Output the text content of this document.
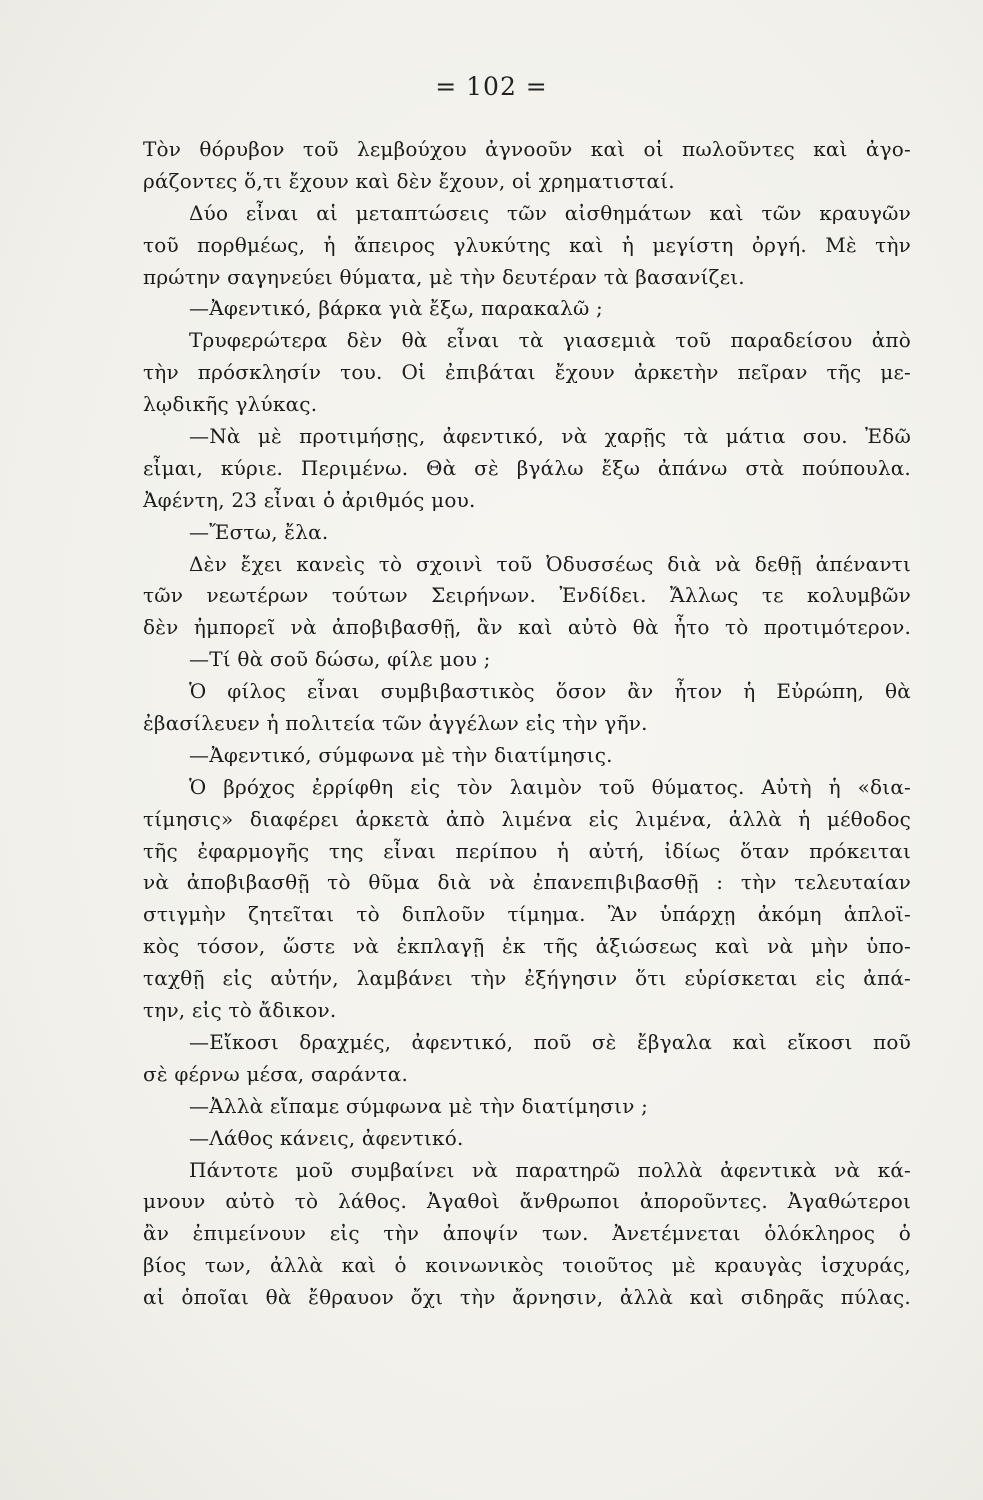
= 102 =
Τὸν θόρυβον τοῦ λεμβούχου ἀγνοοῦν καὶ οἱ πωλοῦντες καὶ ἀγο-
ράζοντες ὅ,τι ἔχουν καὶ δὲν ἔχουν, οἱ χρηματισταί.
Δύο εἶναι αἱ μεταπτώσεις τῶν αἰσθημάτων καὶ τῶν κραυγῶν
τοῦ πορθμέως, ἡ ἄπειρος γλυκύτης καὶ ἡ μεγίστη ὀργή. Μὲ τὴν
πρώτην σαγηνεύει θύματα, μὲ τὴν δευτέραν τὰ βασανίζει.
—Ἀφεντικό, βάρκα γιὰ ἔξω, παρακαλῶ ;
Τρυφερώτερα δὲν θὰ εἶναι τὰ γιασεμιὰ τοῦ παραδείσου ἀπὸ
τὴν πρόσκλησίν του. Οἱ ἐπιβάται ἔχουν ἀρκετὴν πεῖραν τῆς με-
λῳδικῆς γλύκας.
—Νὰ μὲ προτιμήσῃς, ἀφεντικό, νὰ χαρῇς τὰ μάτια σου. Ἐδῶ
εἶμαι, κύριε. Περιμένω. Θὰ σὲ βγάλω ἔξω ἀπάνω στὰ πούπουλα.
Ἀφέντη, 23 εἶναι ὁ ἀριθμός μου.
—Ἔστω, ἔλα.
Δὲν ἔχει κανεὶς τὸ σχοινὶ τοῦ Ὀδυσσέως διὰ νὰ δεθῇ ἀπέναντι
τῶν νεωτέρων τούτων Σειρήνων. Ἐνδίδει. Ἄλλως τε κολυμβῶν
δὲν ἠμπορεῖ νὰ ἀποβιβασθῇ, ἂν καὶ αὐτὸ θὰ ἦτο τὸ προτιμότερον.
—Τί θὰ σοῦ δώσω, φίλε μου ;
Ὁ φίλος εἶναι συμβιβαστικὸς ὅσον ἂν ἦτον ἡ Εὐρώπη, θὰ
ἐβασίλευεν ἡ πολιτεία τῶν ἀγγέλων εἰς τὴν γῆν.
—Ἀφεντικό, σύμφωνα μὲ τὴν διατίμησις.
Ὁ βρόχος ἐρρίφθη εἰς τὸν λαιμὸν τοῦ θύματος. Αὐτὴ ἡ «δια-
τίμησις» διαφέρει ἀρκετὰ ἀπὸ λιμένα εἰς λιμένα, ἀλλὰ ἡ μέθοδος
τῆς ἐφαρμογῆς της εἶναι περίπου ἡ αὐτή, ἰδίως ὅταν πρόκειται
νὰ ἀποβιβασθῇ τὸ θῦμα διὰ νὰ ἐπανεπιβιβασθῇ : τὴν τελευταίαν
στιγμὴν ζητεῖται τὸ διπλοῦν τίμημα. Ἂν ὑπάρχῃ ἀκόμη ἁπλοϊ-
κὸς τόσον, ὥστε νὰ ἐκπλαγῇ ἐκ τῆς ἀξιώσεως καὶ νὰ μὴν ὑπο-
ταχθῇ εἰς αὐτήν, λαμβάνει τὴν ἐξήγησιν ὅτι εὑρίσκεται εἰς ἀπά-
την, εἰς τὸ ἄδικον.
—Εἴκοσι δραχμές, ἀφεντικό, ποῦ σὲ ἔβγαλα καὶ εἴκοσι ποῦ
σὲ φέρνω μέσα, σαράντα.
—Ἀλλὰ εἴπαμε σύμφωνα μὲ τὴν διατίμησιν ;
—Λάθος κάνεις, ἀφεντικό.
Πάντοτε μοῦ συμβαίνει νὰ παρατηρῶ πολλὰ ἀφεντικὰ νὰ κά-
μνουν αὐτὸ τὸ λάθος. Ἀγαθοὶ ἄνθρωποι ἀποροῦντες. Ἀγαθώτεροι
ἂν ἐπιμείνουν εἰς τὴν ἀποψίν των. Ἀνετέμνεται ὁλόκληρος ὁ
βίος των, ἀλλὰ καὶ ὁ κοινωνικὸς τοιοῦτος μὲ κραυγὰς ἰσχυράς,
αἱ ὁποῖαι θὰ ἔθραυον ὄχι τὴν ἄρνησιν, ἀλλὰ καὶ σιδηρᾶς πύλας.
